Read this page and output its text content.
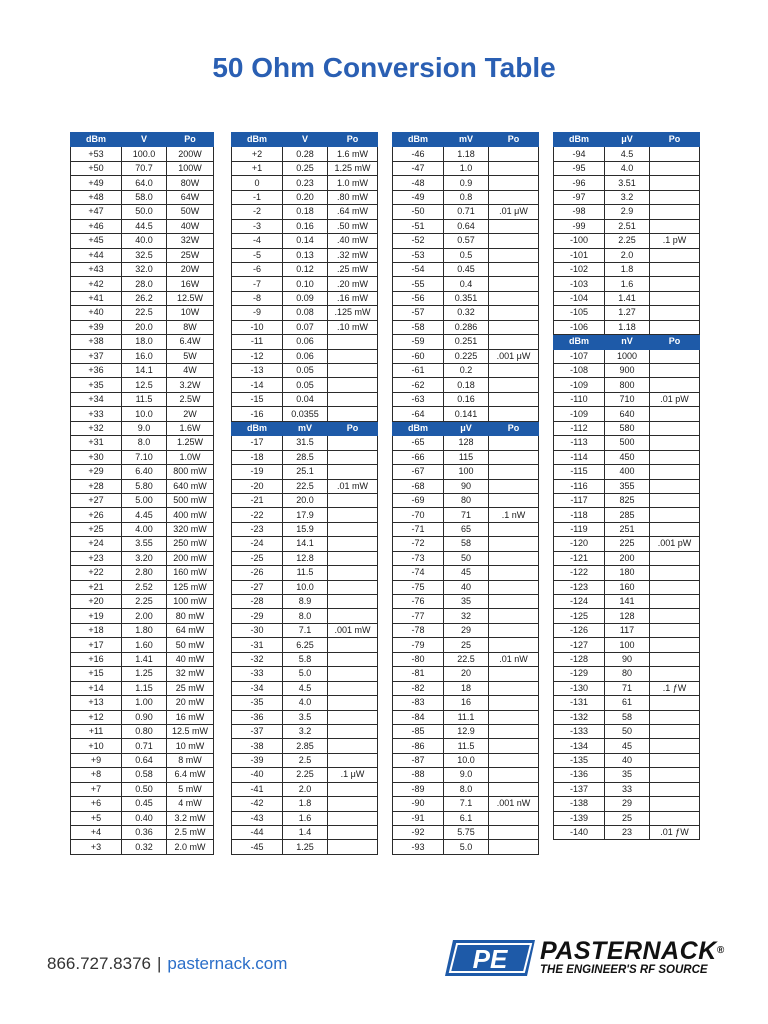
50 Ohm Conversion Table
dBm	V	Po
+53	100.0	200W
+50	70.7	100W
+49	64.0	80W
+48	58.0	64W
+47	50.0	50W
+46	44.5	40W
+45	40.0	32W
+44	32.5	25W
+43	32.0	20W
+42	28.0	16W
+41	26.2	12.5W
+40	22.5	10W
+39	20.0	8W
+38	18.0	6.4W
+37	16.0	5W
+36	14.1	4W
+35	12.5	3.2W
+34	11.5	2.5W
+33	10.0	2W
+32	9.0	1.6W
+31	8.0	1.25W
+30	7.10	1.0W
+29	6.40	800 mW
+28	5.80	640 mW
+27	5.00	500 mW
+26	4.45	400 mW
+25	4.00	320 mW
+24	3.55	250 mW
+23	3.20	200 mW
+22	2.80	160 mW
+21	2.52	125 mW
+20	2.25	100 mW
+19	2.00	80 mW
+18	1.80	64 mW
+17	1.60	50 mW
+16	1.41	40 mW
+15	1.25	32 mW
+14	1.15	25 mW
+13	1.00	20 mW
+12	0.90	16 mW
+11	0.80	12.5 mW
+10	0.71	10 mW
+9	0.64	8 mW
+8	0.58	6.4 mW
+7	0.50	5 mW
+6	0.45	4 mW
+5	0.40	3.2 mW
+4	0.36	2.5 mW
+3	0.32	2.0 mW
dBm	V	Po
+2	0.28	1.6 mW
+1	0.25	1.25 mW
0	0.23	1.0 mW
-1	0.20	.80 mW
-2	0.18	.64 mW
-3	0.16	.50 mW
-4	0.14	.40 mW
-5	0.13	.32 mW
-6	0.12	.25 mW
-7	0.10	.20 mW
-8	0.09	.16 mW
-9	0.08	.125 mW
-10	0.07	.10 mW
-11	0.06	
-12	0.06	
-13	0.05	
-14	0.05	
-15	0.04	
-16	0.0355	
dBm	mV	Po
-17	31.5	
-18	28.5	
-19	25.1	
-20	22.5	.01 mW
-21	20.0	
-22	17.9	
-23	15.9	
-24	14.1	
-25	12.8	
-26	11.5	
-27	10.0	
-28	8.9	
-29	8.0	
-30	7.1	.001 mW
-31	6.25	
-32	5.8	
-33	5.0	
-34	4.5	
-35	4.0	
-36	3.5	
-37	3.2	
-38	2.85	
-39	2.5	
-40	2.25	.1 μW
-41	2.0	
-42	1.8	
-43	1.6	
-44	1.4	
-45	1.25	
dBm	mV	Po
-46	1.18	
-47	1.0	
-48	0.9	
-49	0.8	
-50	0.71	.01 μW
-51	0.64	
-52	0.57	
-53	0.5	
-54	0.45	
-55	0.4	
-56	0.351	
-57	0.32	
-58	0.286	
-59	0.251	
-60	0.225	.001 μW
-61	0.2	
-62	0.18	
-63	0.16	
-64	0.141	
dBm	μV	Po
-65	128	
-66	115	
-67	100	
-68	90	
-69	80	
-70	71	.1 nW
-71	65	
-72	58	
-73	50	
-74	45	
-75	40	
-76	35	
-77	32	
-78	29	
-79	25	
-80	22.5	.01 nW
-81	20	
-82	18	
-83	16	
-84	11.1	
-85	12.9	
-86	11.5	
-87	10.0	
-88	9.0	
-89	8.0	
-90	7.1	.001 nW
-91	6.1	
-92	5.75	
-93	5.0	
dBm	μV	Po
-94	4.5	
-95	4.0	
-96	3.51	
-97	3.2	
-98	2.9	
-99	2.51	
-100	2.25	.1 pW
-101	2.0	
-102	1.8	
-103	1.6	
-104	1.41	
-105	1.27	
-106	1.18	
dBm	nV	Po
-107	1000	
-108	900	
-109	800	
-110	710	.01 pW
-109	640	
-112	580	
-113	500	
-114	450	
-115	400	
-116	355	
-117	825	
-118	285	
-119	251	
-120	225	.001 pW
-121	200	
-122	180	
-123	160	
-124	141	
-125	128	
-126	117	
-127	100	
-128	90	
-129	80	
-130	71	.1 ƒW
-131	61	
-132	58	
-133	50	
-134	45	
-135	40	
-136	35	
-137	33	
-138	29	
-139	25	
-140	23	.01 ƒW
866.727.8376 | pasternack.com	PE PASTERNACK®
THE ENGINEER'S RF SOURCE
